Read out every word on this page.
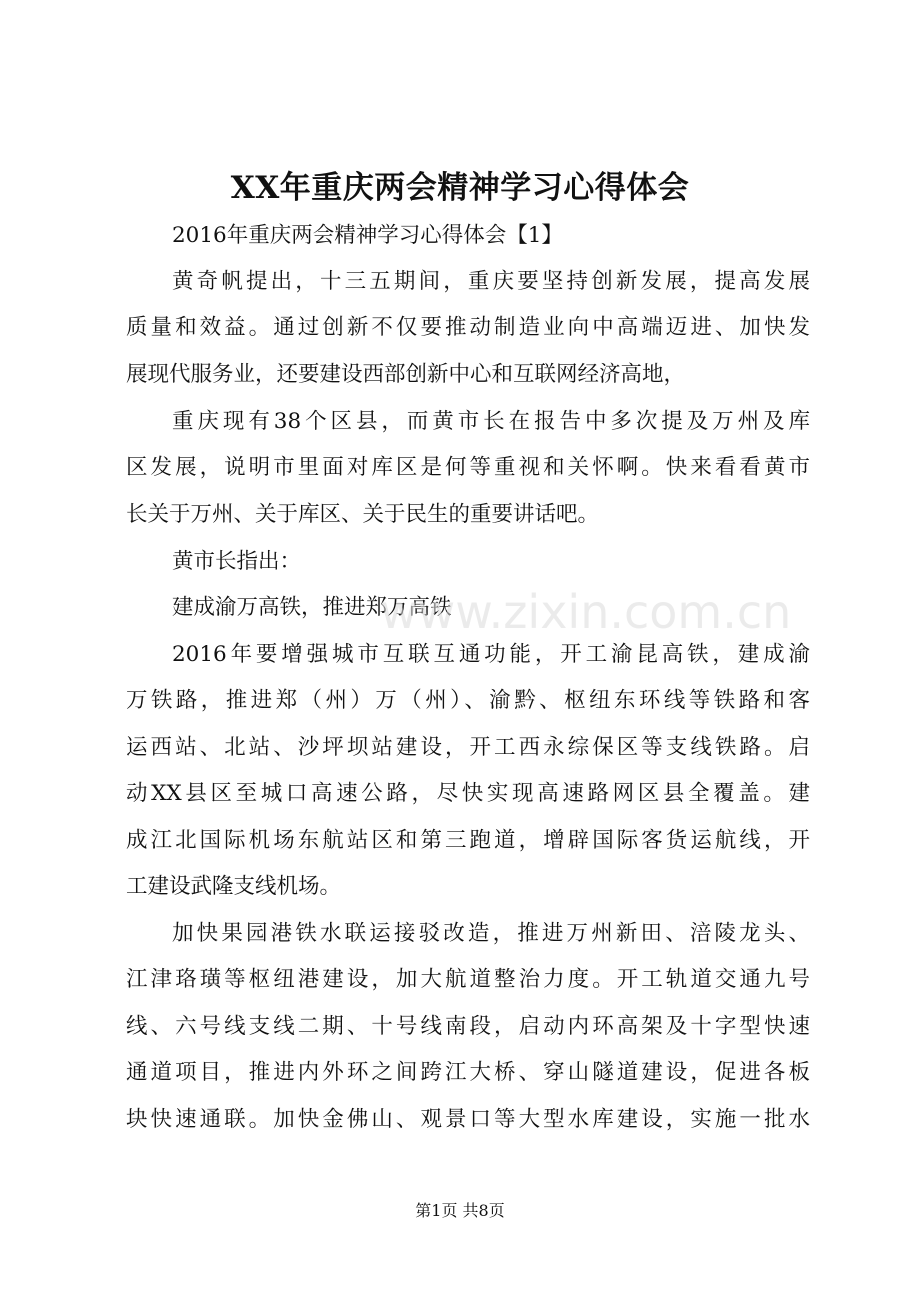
XX年重庆两会精神学习心得体会
2016年重庆两会精神学习心得体会【1】
黄奇帆提出，十三五期间，重庆要坚持创新发展，提高发展
质量和效益。通过创新不仅要推动制造业向中高端迈进、加快发
展现代服务业，还要建设西部创新中心和互联网经济高地，
重庆现有38个区县，而黄市长在报告中多次提及万州及库
区发展，说明市里面对库区是何等重视和关怀啊。快来看看黄市
长关于万州、关于库区、关于民生的重要讲话吧。
黄市长指出：
建成渝万高铁，推进郑万高铁
2016年要增强城市互联互通功能，开工渝昆高铁，建成渝
万铁路，推进郑（州）万（州）、渝黔、枢纽东环线等铁路和客
运西站、北站、沙坪坝站建设，开工西永综保区等支线铁路。启
动XX县区至城口高速公路，尽快实现高速路网区县全覆盖。建
成江北国际机场东航站区和第三跑道，增辟国际客货运航线，开
工建设武隆支线机场。
加快果园港铁水联运接驳改造，推进万州新田、涪陵龙头、
江津珞璜等枢纽港建设，加大航道整治力度。开工轨道交通九号
线、六号线支线二期、十号线南段，启动内环高架及十字型快速
通道项目，推进内外环之间跨江大桥、穿山隧道建设，促进各板
块快速通联。加快金佛山、观景口等大型水库建设，实施一批水
www.zixin.com.cn
第1页 共8页
